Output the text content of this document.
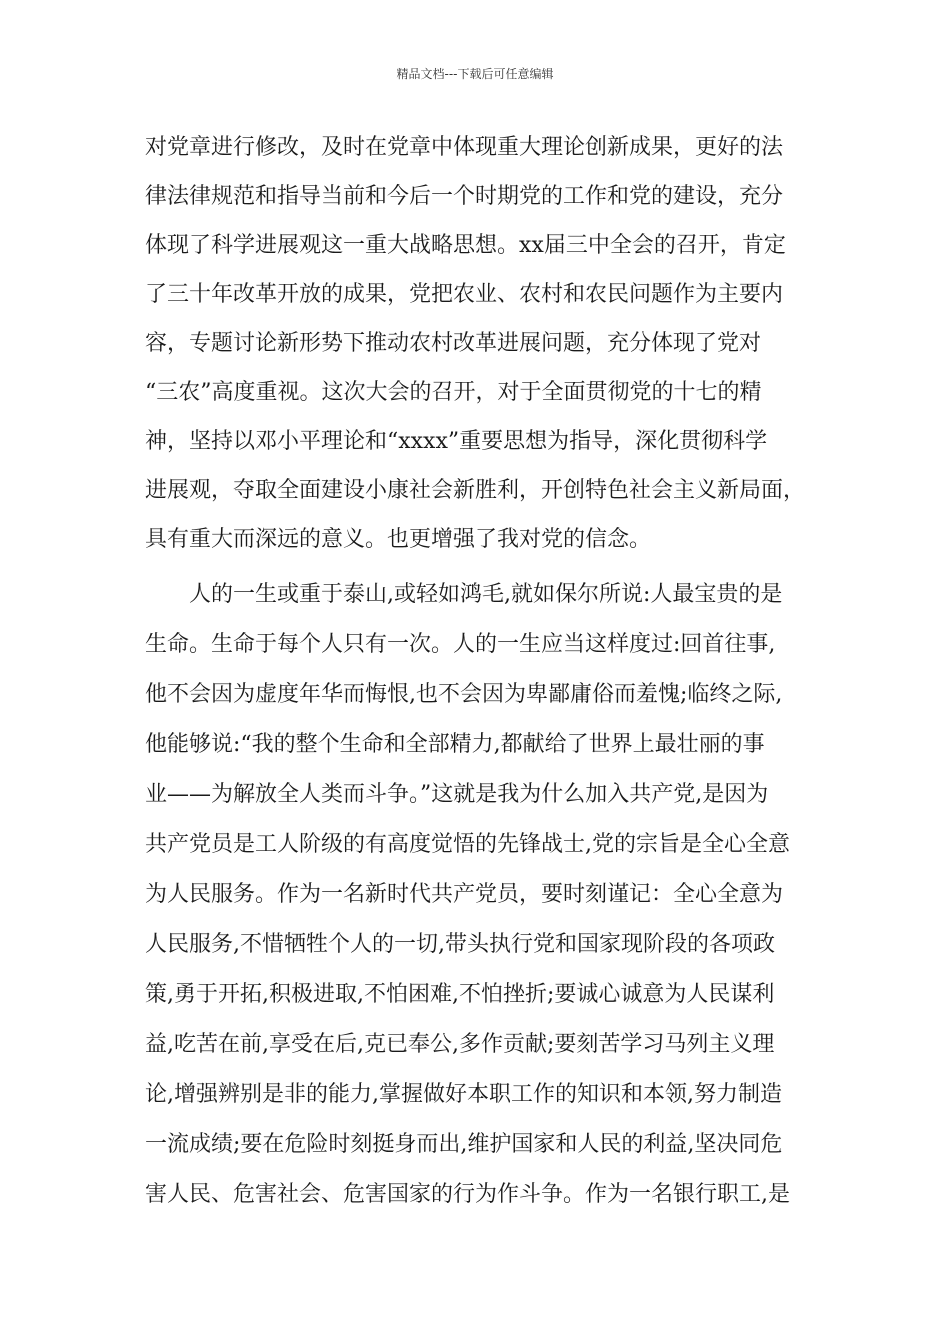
精品文档---下载后可任意编辑
对党章进行修改，及时在党章中体现重大理论创新成果，更好的法
律法律规范和指导当前和今后一个时期党的工作和党的建设，充分
体现了科学进展观这一重大战略思想。xx届三中全会的召开，肯定
了三十年改革开放的成果，党把农业、农村和农民问题作为主要内
容，专题讨论新形势下推动农村改革进展问题，充分体现了党对
“三农”高度重视。这次大会的召开，对于全面贯彻党的十七的精
神，坚持以邓小平理论和“xxxx”重要思想为指导，深化贯彻科学
进展观，夺取全面建设小康社会新胜利，开创特色社会主义新局面，
具有重大而深远的意义。也更增强了我对党的信念。
人的一生或重于泰山,或轻如鸿毛,就如保尔所说:人最宝贵的是
生命。生命于每个人只有一次。人的一生应当这样度过:回首往事,
他不会因为虚度年华而悔恨,也不会因为卑鄙庸俗而羞愧;临终之际,
他能够说:“我的整个生命和全部精力,都献给了世界上最壮丽的事
业——为解放全人类而斗争。”这就是我为什么加入共产党,是因为
共产党员是工人阶级的有高度觉悟的先锋战士,党的宗旨是全心全意
为人民服务。作为一名新时代共产党员，要时刻谨记：全心全意为
人民服务,不惜牺牲个人的一切,带头执行党和国家现阶段的各项政
策,勇于开拓,积极进取,不怕困难,不怕挫折;要诚心诚意为人民谋利
益,吃苦在前,享受在后,克已奉公,多作贡献;要刻苦学习马列主义理
论,增强辨别是非的能力,掌握做好本职工作的知识和本领,努力制造
一流成绩;要在危险时刻挺身而出,维护国家和人民的利益,坚决同危
害人民、危害社会、危害国家的行为作斗争。作为一名银行职工,是
